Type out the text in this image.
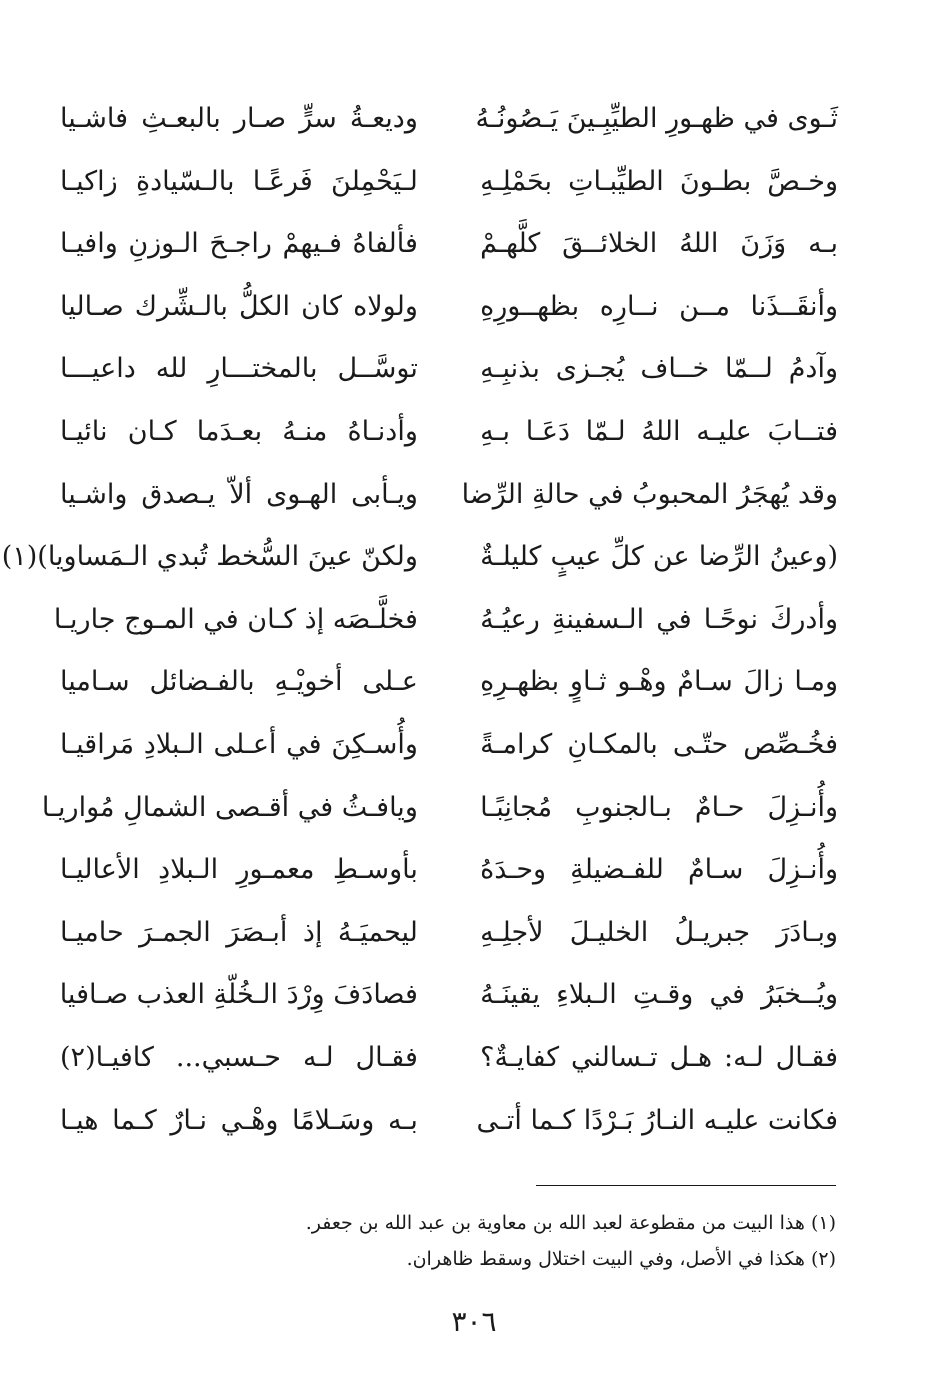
ثَـوى في ظهـورِ الطيِّبِـينَ يَـصُونُـهُ
وديعـةُ سرٍّ صـار بالبعـثِ فاشـيا
وخـصَّ بطـونَ الطيِّبـاتِ بحَمْلِـهِ
لـيَحْمِلنَ فَرعًـا بالـسّيادةِ زاكيـا
بـه وَزَنَ اللهُ الخلائــقَ كلَّهـمْ
فألفاهُ فـيهمْ راجـحَ الـوزنِ وافيـا
وأنقَــذَنا مــن نــارِه بظهــورِهِ
ولولاه كان الكلُّ بالـشِّرك صـاليا
وآدمُ لــمّا خــاف يُجـزى بذنبِـهِ
توسَّــل بالمختـــارِ لله داعيـــا
فتــابَ عليـه اللهُ لـمّا دَعَـا بـهِ
وأدنـاهُ منـهُ بعـدَما كـان نائيـا
وقد يُهجَرُ المحبوبُ في حالةِ الرِّضا
ويـأبى الهـوى ألاّ يـصدق واشـيا
(وعينُ الرِّضا عن كلِّ عيبٍ كليلـةٌ
ولكنّ عينَ السُّخط تُبدي الـمَساويا)(١)
وأدركَ نوحًـا في الـسفينةِ رعيُـهُ
فخلَّـصَه إذ كـان في المـوج جاريـا
ومـا زالَ سـامٌ وهْـو ثـاوٍ بظهـرِهِ
عـلى أخويْـهِ بالفـضائل سـاميا
فخُـصِّص حتّـى بالمكـانِ كرامـةً
وأُسـكِنَ في أعـلى الـبلادِ مَراقيـا
وأُنـزِلَ حـامٌ بـالجنوبِ مُجانِبًـا
ويافـثُ في أقـصى الشمالِ مُواريـا
وأُنـزِلَ سـامٌ للفـضيلةِ وحـدَهُ
بأوسـطِ معمـورِ الـبلادِ الأعاليـا
وبـادَرَ جبريـلُ الخليـلَ لأجلِـهِ
ليحميَـهُ إذ أبـصَرَ الجمـرَ حاميـا
ويُــخبَرُ في وقـتِ الـبلاءِ يقينَـهُ
فصادَفَ وِرْدَ الـخُلّةِ العذب صـافيا
فقـال لـه: هـل تـسالني كفايـةٌ؟
فقـال لـه حـسبي... كافيـا(٢)
فكانت عليـه النـارُ بَـرْدًا كـما أتـى
بـه وسَـلامًا وهْـي نـارٌ كـما هيـا
(١) هذا البيت من مقطوعة لعبد الله بن معاوية بن عبد الله بن جعفر.
(٢) هكذا في الأصل، وفي البيت اختلال وسقط ظاهران.
٣٠٦
